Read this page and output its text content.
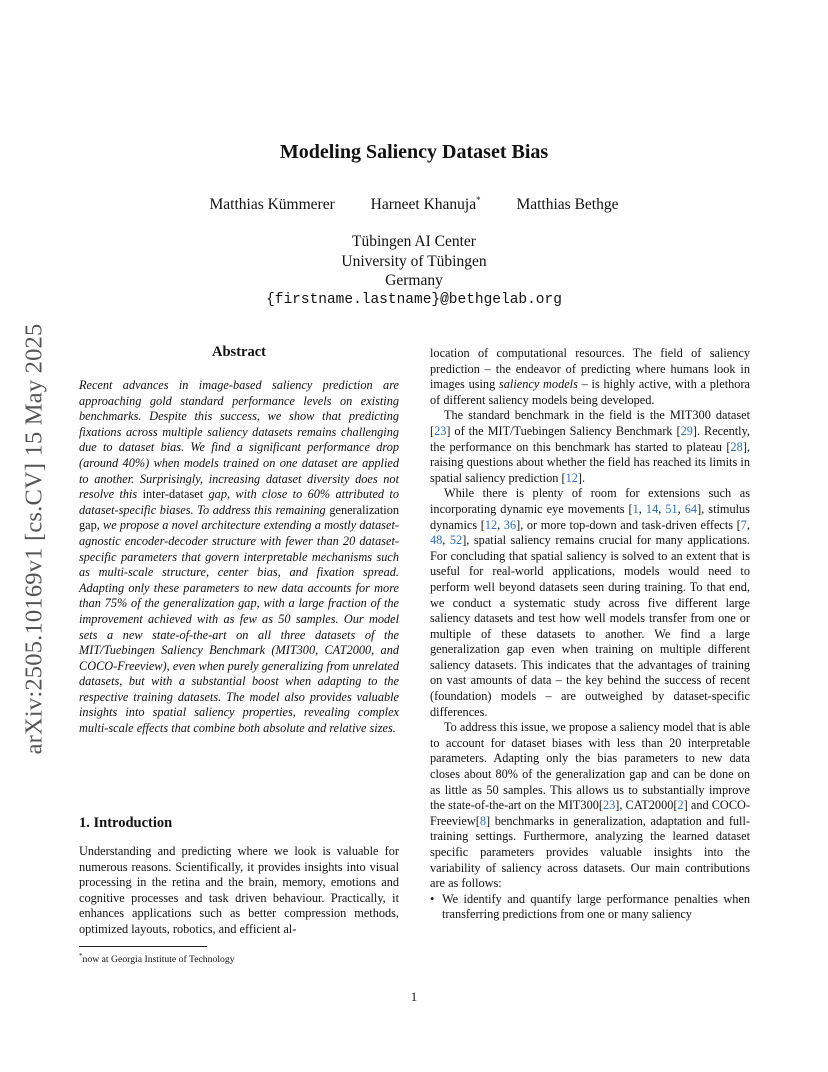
arXiv:2505.10169v1 [cs.CV] 15 May 2025
Modeling Saliency Dataset Bias
Matthias Kümmerer Harneet Khanuja* Matthias Bethge
Tübingen AI Center
University of Tübingen
Germany
{firstname.lastname}@bethgelab.org
Abstract

Recent advances in image-based saliency prediction are approaching gold standard performance levels on existing benchmarks. Despite this success, we show that predicting fixations across multiple saliency datasets remains challenging due to dataset bias. We find a significant performance drop (around 40%) when models trained on one dataset are applied to another. Surprisingly, increasing dataset diversity does not resolve this inter-dataset gap, with close to 60% attributed to dataset-specific biases. To address this remaining generalization gap, we propose a novel architecture extending a mostly dataset-agnostic encoder-decoder structure with fewer than 20 dataset-specific parameters that govern interpretable mechanisms such as multi-scale structure, center bias, and fixation spread. Adapting only these parameters to new data accounts for more than 75% of the generalization gap, with a large fraction of the improvement achieved with as few as 50 samples. Our model sets a new state-of-the-art on all three datasets of the MIT/Tuebingen Saliency Benchmark (MIT300, CAT2000, and COCO-Freeview), even when purely generalizing from unrelated datasets, but with a substantial boost when adapting to the respective training datasets. The model also provides valuable insights into spatial saliency properties, revealing complex multi-scale effects that combine both absolute and relative sizes.

1. Introduction

Understanding and predicting where we look is valuable for numerous reasons. Scientifically, it provides insights into visual processing in the retina and the brain, memory, emotions and cognitive processes and task driven behaviour. Practically, it enhances applications such as better compression methods, optimized layouts, robotics, and efficient al-

location of computational resources. The field of saliency prediction – the endeavor of predicting where humans look in images using saliency models – is highly active, with a plethora of different saliency models being developed.

The standard benchmark in the field is the MIT300 dataset [23] of the MIT/Tuebingen Saliency Benchmark [29]. Recently, the performance on this benchmark has started to plateau [28], raising questions about whether the field has reached its limits in spatial saliency prediction [12].

While there is plenty of room for extensions such as incorporating dynamic eye movements [1, 14, 51, 64], stimulus dynamics [12, 36], or more top-down and task-driven effects [7, 48, 52], spatial saliency remains crucial for many applications. For concluding that spatial saliency is solved to an extent that is useful for real-world applications, models would need to perform well beyond datasets seen during training. To that end, we conduct a systematic study across five different large saliency datasets and test how well models transfer from one or multiple of these datasets to another. We find a large generalization gap even when training on multiple different saliency datasets. This indicates that the advantages of training on vast amounts of data – the key behind the success of recent (foundation) models – are outweighed by dataset-specific differences.

To address this issue, we propose a saliency model that is able to account for dataset biases with less than 20 interpretable parameters. Adapting only the bias parameters to new data closes about 80% of the generalization gap and can be done on as little as 50 samples. This allows us to substantially improve the state-of-the-art on the MIT300[23], CAT2000[2] and COCO-Freeview[8] benchmarks in generalization, adaptation and full-training settings. Furthermore, analyzing the learned dataset specific parameters provides valuable insights into the variability of saliency across datasets. Our main contributions are as follows:

• We identify and quantify large performance penalties when transferring predictions from one or many saliency
*now at Georgia Institute of Technology
1
